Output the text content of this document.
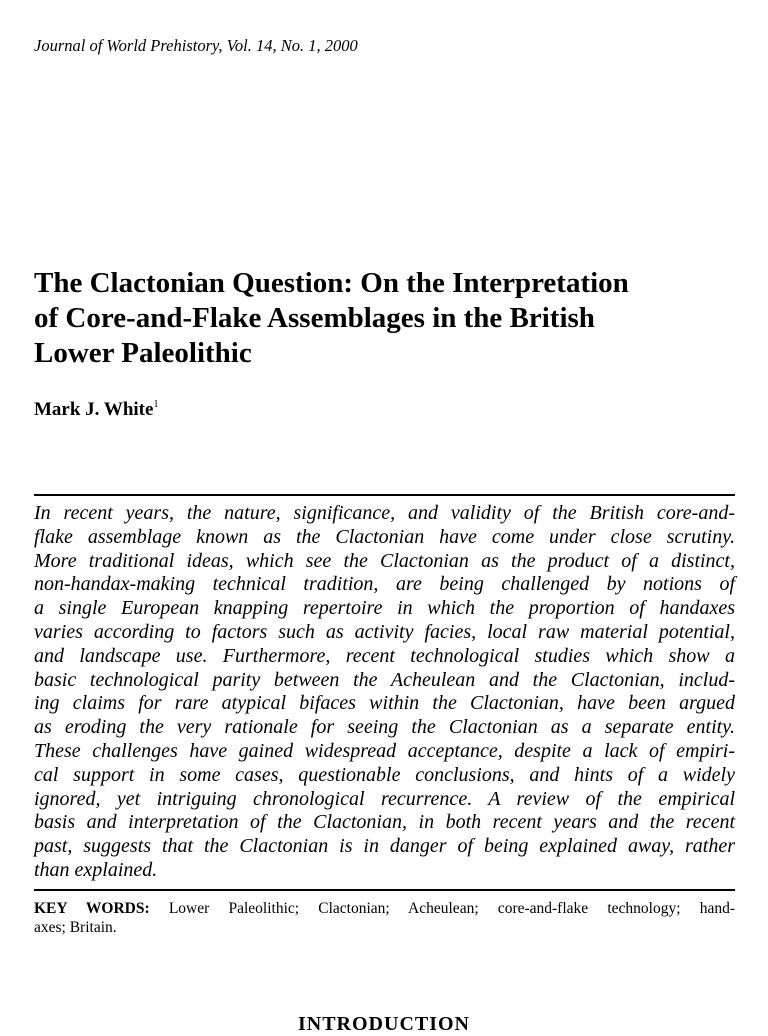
Journal of World Prehistory, Vol. 14, No. 1, 2000
The Clactonian Question: On the Interpretation
of Core-and-Flake Assemblages in the British
Lower Paleolithic
Mark J. White$^1$
In recent years, the nature, significance, and validity of the British core-and-
flake assemblage known as the Clactonian have come under close scrutiny.
More traditional ideas, which see the Clactonian as the product of a distinct,
non-handax-making technical tradition, are being challenged by notions of
a single European knapping repertoire in which the proportion of handaxes
varies according to factors such as activity facies, local raw material potential,
and landscape use. Furthermore, recent technological studies which show a
basic technological parity between the Acheulean and the Clactonian, includ-
ing claims for rare atypical bifaces within the Clactonian, have been argued
as eroding the very rationale for seeing the Clactonian as a separate entity.
These challenges have gained widespread acceptance, despite a lack of empiri-
cal support in some cases, questionable conclusions, and hints of a widely
ignored, yet intriguing chronological recurrence. A review of the empirical
basis and interpretation of the Clactonian, in both recent years and the recent
past, suggests that the Clactonian is in danger of being explained away, rather
than explained.
KEY WORDS: Lower Paleolithic; Clactonian; Acheulean; core-and-flake technology; hand-
axes; Britain.
INTRODUCTION
